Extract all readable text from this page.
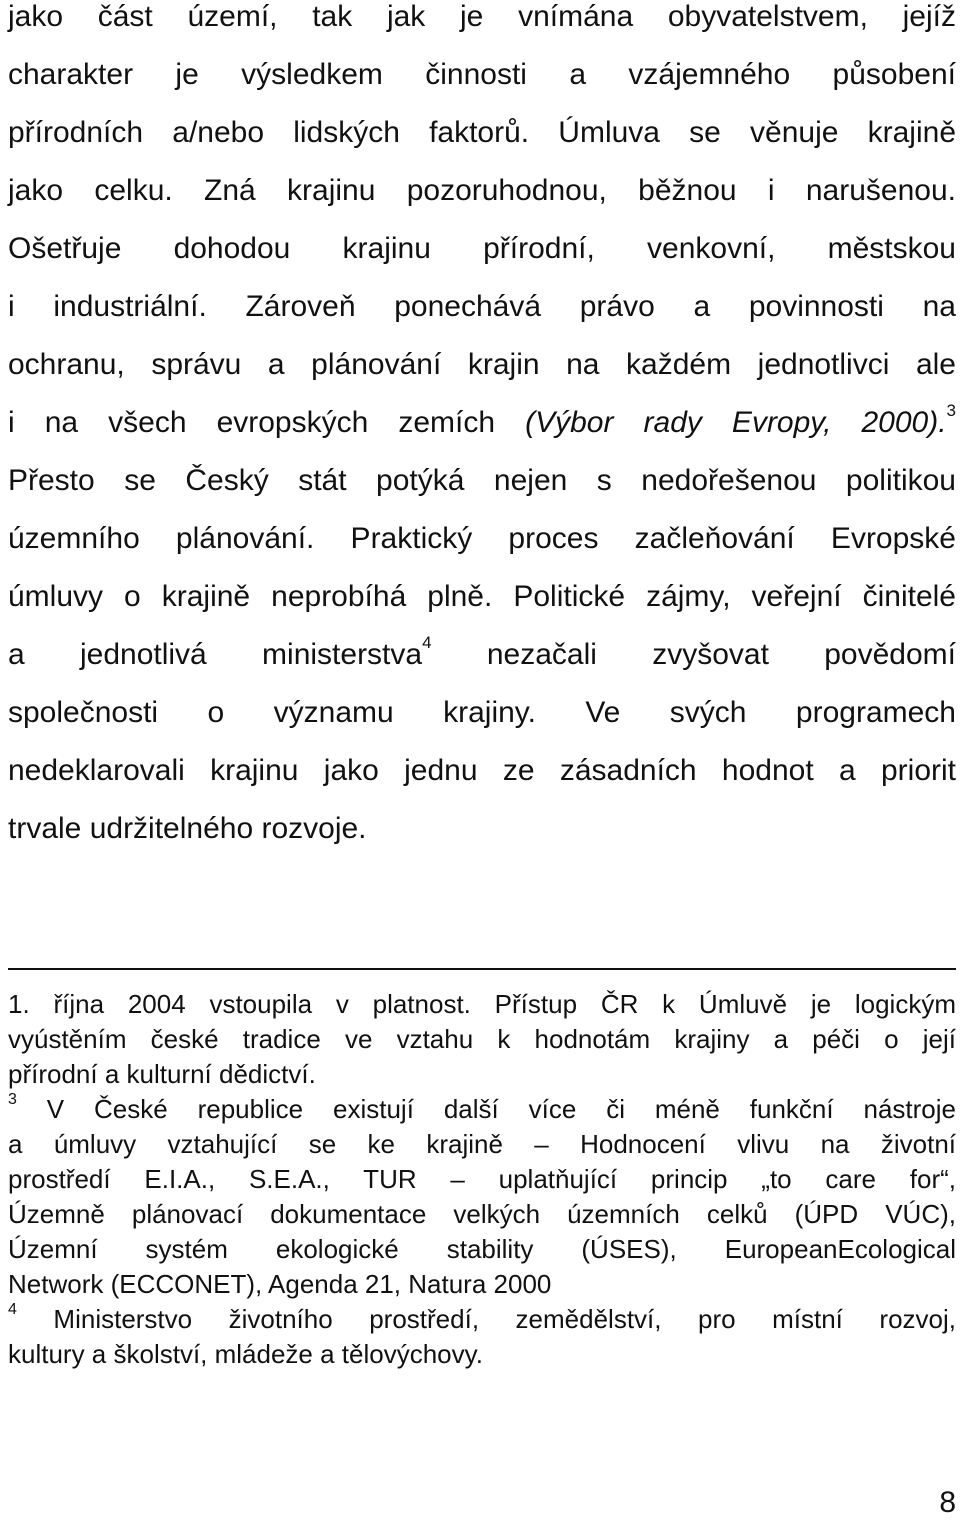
jako část území, tak jak je vnímána obyvatelstvem, jejíž
charakter je výsledkem činnosti a vzájemného působení
přírodních a/nebo lidských faktorů. Úmluva se věnuje krajině
jako celku. Zná krajinu pozoruhodnou, běžnou i narušenou.
Ošetřuje dohodou krajinu přírodní, venkovní, městskou
i industriální. Zároveň ponechává právo a povinnosti na
ochranu, správu a plánování krajin na každém jednotlivci ale
i na všech evropských zemích (Výbor rady Evropy, 2000).$^3$
Přesto se Český stát potýká nejen s nedořešenou politikou
územního plánování. Praktický proces začleňování Evropské
úmluvy o krajině neprobíhá plně. Politické zájmy, veřejní činitelé
a jednotlivá ministerstva$^4$ nezačali zvyšovat povědomí
společnosti o významu krajiny. Ve svých programech
nedeklarovali krajinu jako jednu ze zásadních hodnot a priorit
trvale udržitelného rozvoje.
1. října 2004 vstoupila v platnost. Přístup ČR k Úmluvě je logickým
vyústěním české tradice ve vztahu k hodnotám krajiny a péči o její
přírodní a kulturní dědictví.
$^3$ V České republice existují další více či méně funkční nástroje
a úmluvy vztahující se ke krajině – Hodnocení vlivu na životní
prostředí E.I.A., S.E.A., TUR – uplatňující princip „to care for“,
Územně plánovací dokumentace velkých územních celků (ÚPD VÚC),
Územní systém ekologické stability (ÚSES), EuropeanEcological
Network (ECCONET), Agenda 21, Natura 2000
$^4$ Ministerstvo životního prostředí, zemědělství, pro místní rozvoj,
kultury a školství, mládeže a tělovýchovy.
8
